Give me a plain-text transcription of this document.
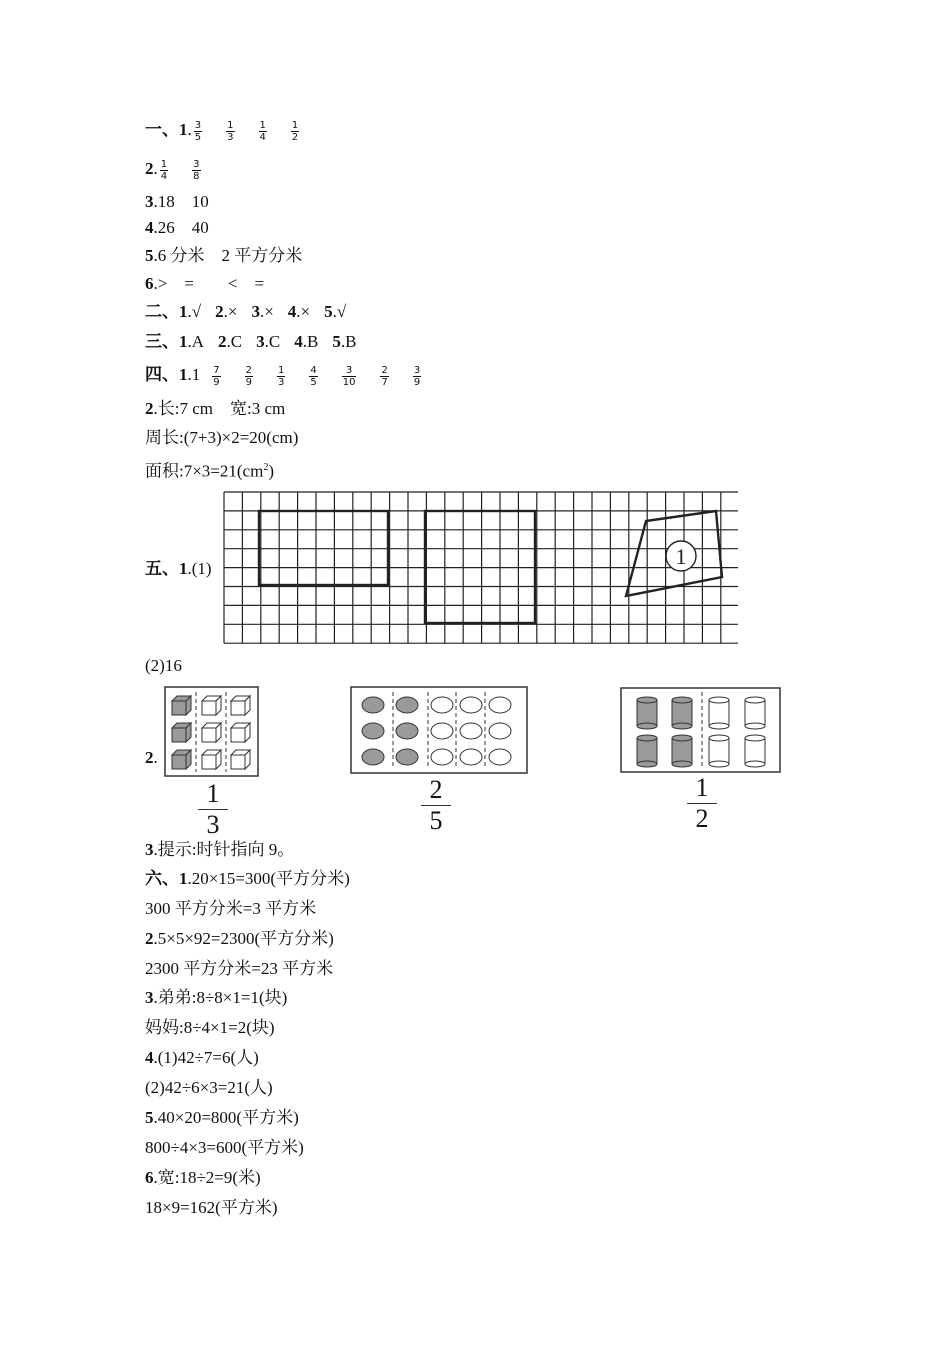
一、1. $\frac{3}{5} \frac{1}{3} \frac{1}{4} \frac{1}{2}$
2. $\frac{1}{4} \frac{3}{8}$
3.18　10
4.26　40
5.6 分米　2 平方分米
6.>　=　　<　=
二、1.√ 2.× 3.× 4.× 5.√
三、1.A 2.C 3.C 4.B 5.B
四、$1.1 \frac{7}{9} \frac{2}{9} \frac{1}{3} \frac{4}{5} \frac{3}{10} \frac{2}{7} \frac{3}{9}$
2.长:7 cm　宽:3 cm
周长:(7+3)×2=20(cm)
面积$:7\times 3=21(cm^2)$
五、1.(1)	1
(2)16
2.
$\frac{1}{3}$	$\frac{2}{5}$	$\frac{1}{2}$
3.提示:时针指向 9。
六、1.20×15=300(平方分米)
300 平方分米=3 平方米
2.5×5×92=2300(平方分米)
2300 平方分米=23 平方米
3.弟弟:8÷8×1=1(块)
妈妈:8÷4×1=2(块)
4.(1)42÷7=6(人)
(2)42÷6×3=21(人)
5.40×20=800(平方米)
800÷4×3=600(平方米)
6.宽:18÷2=9(米)
18×9=162(平方米)
